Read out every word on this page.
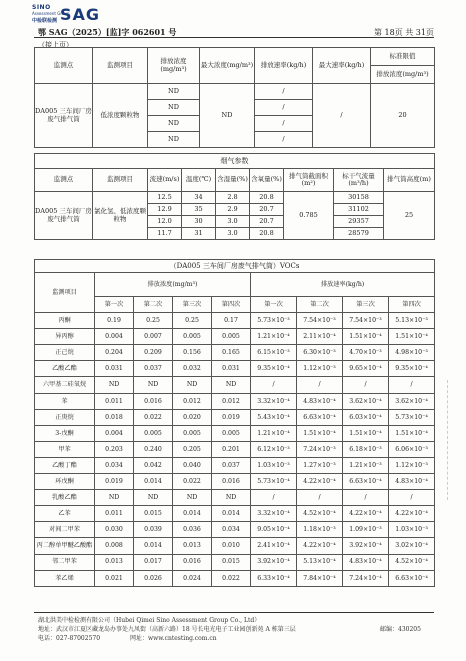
SINO
Assessment Group
中检联检测 SAG
鄂 SAG（2025）[监]字 062601 号	第 18页 共 31页
（接上页）
监测点	监测项目	排放浓度(mg/m³)	最大浓度(mg/m³)	排放速率(kg/h)	最大速率(kg/h)	标准限值
						排放浓度(mg/m³)
DA005 三车间厂房废气排气筒	低浓度颗粒物	ND	ND	/	/	20
		ND		/		
		ND		/		
		ND		/		
烟气参数								
监测点	监测项目	流速(m/s)	温度(℃)	含湿量(%)	含氧量(%)	排气筒截面积(m²)	标干气流量(m³/h)	排气筒高度(m)
DA005 三车间厂房废气排气筒	氯化氢、低浓度颗粒物	12.5	34	2.8	20.8	0.785	30158	25
		12.9	35	2.9	20.7		31102	
		12.0	30	3.0	20.7		29357	
		11.7	31	3.0	20.8		28579	
（DA005 三车间厂房废气排气筒）VOCs								
监测项目	排放浓度(mg/m³)				排放速率(kg/h)			
	第一次	第二次	第三次	第四次	第一次	第二次	第三次	第四次
丙酮	0.19	0.25	0.25	0.17	5.73×10⁻³	7.54×10⁻³	7.54×10⁻³	5.13×10⁻³
异丙醇	0.004	0.007	0.005	0.005	1.21×10⁻⁴	2.11×10⁻⁴	1.51×10⁻⁴	1.51×10⁻⁴
正己烷	0.204	0.209	0.156	0.165	6.15×10⁻³	6.30×10⁻³	4.70×10⁻³	4.98×10⁻³
乙酸乙酯	0.031	0.037	0.032	0.031	9.35×10⁻⁴	1.12×10⁻³	9.65×10⁻⁴	9.35×10⁻⁴
六甲基二硅氧烷	ND	ND	ND	ND	/	/	/	/
苯	0.011	0.016	0.012	0.012	3.32×10⁻⁴	4.83×10⁻⁴	3.62×10⁻⁴	3.62×10⁻⁴
正庚烷	0.018	0.022	0.020	0.019	5.43×10⁻⁴	6.63×10⁻⁴	6.03×10⁻⁴	5.73×10⁻⁴
3-戊酮	0.004	0.005	0.005	0.005	1.21×10⁻⁴	1.51×10⁻⁴	1.51×10⁻⁴	1.51×10⁻⁴
甲苯	0.203	0.240	0.205	0.201	6.12×10⁻³	7.24×10⁻³	6.18×10⁻³	6.06×10⁻³
乙酸丁酯	0.034	0.042	0.040	0.037	1.03×10⁻³	1.27×10⁻³	1.21×10⁻³	1.12×10⁻³
环戊酮	0.019	0.014	0.022	0.016	5.73×10⁻⁴	4.22×10⁻⁴	6.63×10⁻⁴	4.83×10⁻⁴
乳酸乙酯	ND	ND	ND	ND	/	/	/	/
乙苯	0.011	0.015	0.014	0.014	3.32×10⁻⁴	4.52×10⁻⁴	4.22×10⁻⁴	4.22×10⁻⁴
对间二甲苯	0.030	0.039	0.036	0.034	9.05×10⁻⁴	1.18×10⁻³	1.09×10⁻³	1.03×10⁻³
丙二醇单甲醚乙酸酯	0.008	0.014	0.013	0.010	2.41×10⁻⁴	4.22×10⁻⁴	3.92×10⁻⁴	3.02×10⁻⁴
邻二甲苯	0.013	0.017	0.016	0.015	3.92×10⁻⁴	5.13×10⁻⁴	4.83×10⁻⁴	4.52×10⁻⁴
苯乙烯	0.021	0.026	0.024	0.022	6.33×10⁻⁴	7.84×10⁻⁴	7.24×10⁻⁴	6.63×10⁻⁴
湖北洪美中检检测有限公司（Hubei Qimei Sino Assessment Group Co., Ltd）
地址：武汉市江夏区藏龙岛办事处九凤街（高新六路）18 号长电光电子工业园创新苑 A 栋第三层	邮编：430205
电话：027-87002570	网址：www.cntesting.com.cn
